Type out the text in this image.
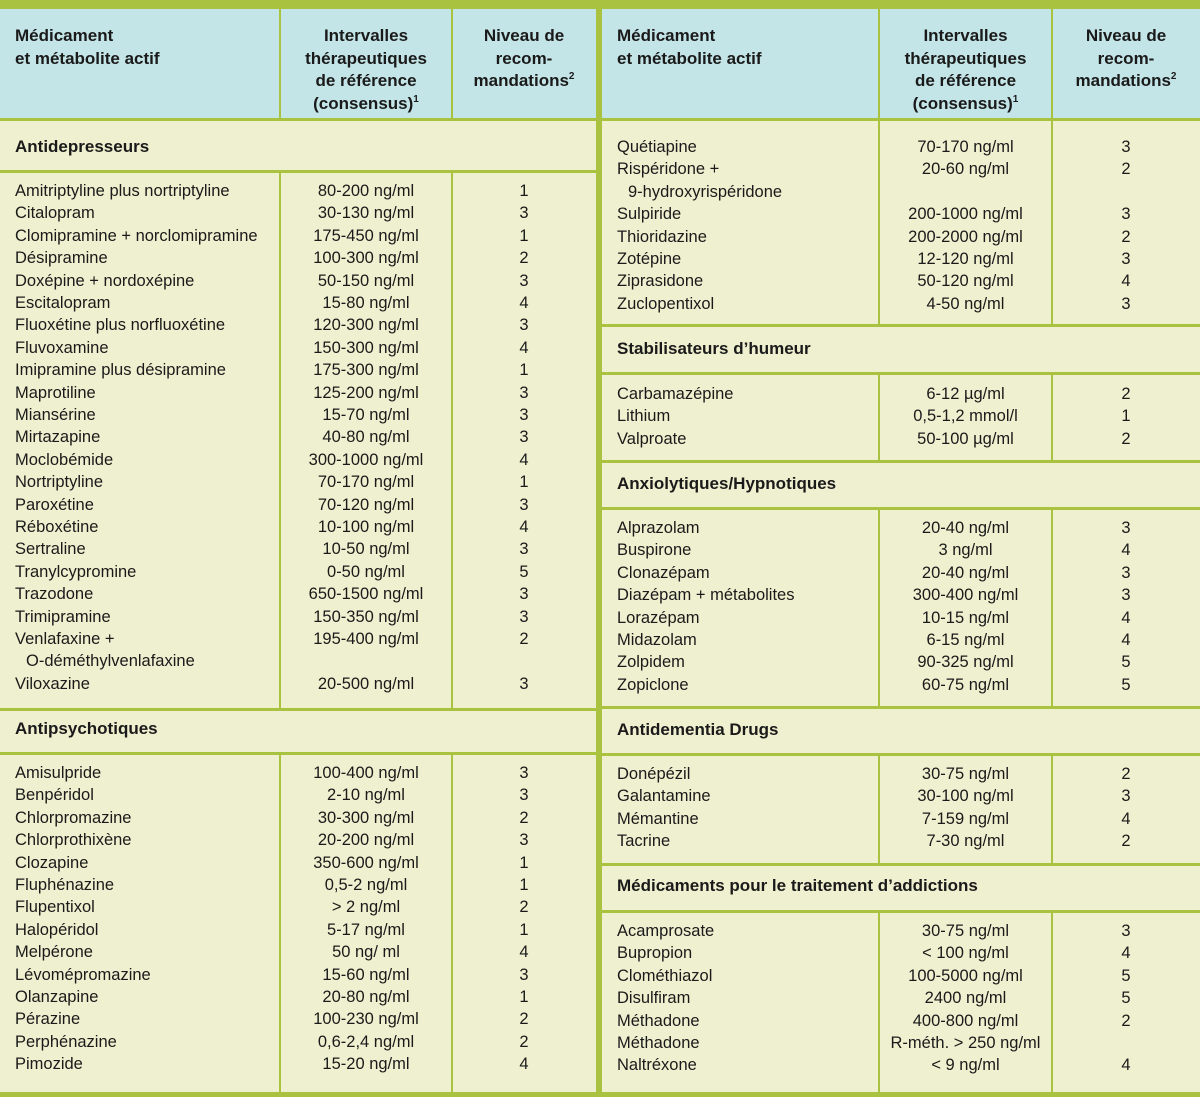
Médicament
et métabolite actif

Intervalles
thérapeutiques
de référence
(consensus)$^1$

Niveau de
recom-
mandations$^2$

Antidepresseurs
Amitriptyline plus nortriptyline	80-200 ng/ml	1
Citalopram	30-130 ng/ml	3
Clomipramine + norclomipramine	175-450 ng/ml	1
Désipramine	100-300 ng/ml	2
Doxépine + nordoxépine	50-150 ng/ml	3
Escitalopram	15-80 ng/ml	4
Fluoxétine plus norfluoxétine	120-300 ng/ml	3
Fluvoxamine	150-300 ng/ml	4
Imipramine plus désipramine	175-300 ng/ml	1
Maprotiline	125-200 ng/ml	3
Miansérine	15-70 ng/ml	3
Mirtazapine	40-80 ng/ml	3
Moclobémide	300-1000 ng/ml	4
Nortriptyline	70-170 ng/ml	1
Paroxétine	70-120 ng/ml	3
Réboxétine	10-100 ng/ml	4
Sertraline	10-50 ng/ml	3
Tranylcypromine	0-50 ng/ml	5
Trazodone	650-1500 ng/ml	3
Trimipramine	150-350 ng/ml	3
Venlafaxine +	195-400 ng/ml	2
O-déméthylvenlafaxine
Viloxazine	20-500 ng/ml	3
Antipsychotiques
Amisulpride	100-400 ng/ml	3
Benpéridol	2-10 ng/ml	3
Chlorpromazine	30-300 ng/ml	2
Chlorprothixène	20-200 ng/ml	3
Clozapine	350-600 ng/ml	1
Fluphénazine	0,5-2 ng/ml	1
Flupentixol	> 2 ng/ml	2
Halopéridol	5-17 ng/ml	1
Melpérone	50 ng/ ml	4
Lévomépromazine	15-60 ng/ml	3
Olanzapine	20-80 ng/ml	1
Pérazine	100-230 ng/ml	2
Perphénazine	0,6-2,4 ng/ml	2
Pimozide	15-20 ng/ml	4
Médicament
et métabolite actif

Intervalles
thérapeutiques
de référence
(consensus)$^1$

Niveau de
recom-
mandations$^2$

Quétiapine	70-170 ng/ml	3
Rispéridone +	20-60 ng/ml	2
9-hydroxyrispéridone
Sulpiride	200-1000 ng/ml	3
Thioridazine	200-2000 ng/ml	2
Zotépine	12-120 ng/ml	3
Ziprasidone	50-120 ng/ml	4
Zuclopentixol	4-50 ng/ml	3
Stabilisateurs d’humeur
Carbamazépine	6-12 µg/ml	2
Lithium	0,5-1,2 mmol/l	1
Valproate	50-100 µg/ml	2
Anxiolytiques/Hypnotiques
Alprazolam	20-40 ng/ml	3
Buspirone	3 ng/ml	4
Clonazépam	20-40 ng/ml	3
Diazépam + métabolites	300-400 ng/ml	3
Lorazépam	10-15 ng/ml	4
Midazolam	6-15 ng/ml	4
Zolpidem	90-325 ng/ml	5
Zopiclone	60-75 ng/ml	5
Antidementia Drugs
Donépézil	30-75 ng/ml	2
Galantamine	30-100 ng/ml	3
Mémantine	7-159 ng/ml	4
Tacrine	7-30 ng/ml	2
Médicaments pour le traitement d’addictions
Acamprosate	30-75 ng/ml	3
Bupropion	< 100 ng/ml	4
Clométhiazol	100-5000 ng/ml	5
Disulfiram	2400 ng/ml	5
Méthadone	400-800 ng/ml	2
Méthadone	R-méth. > 250 ng/ml
Naltréxone	< 9 ng/ml	4
